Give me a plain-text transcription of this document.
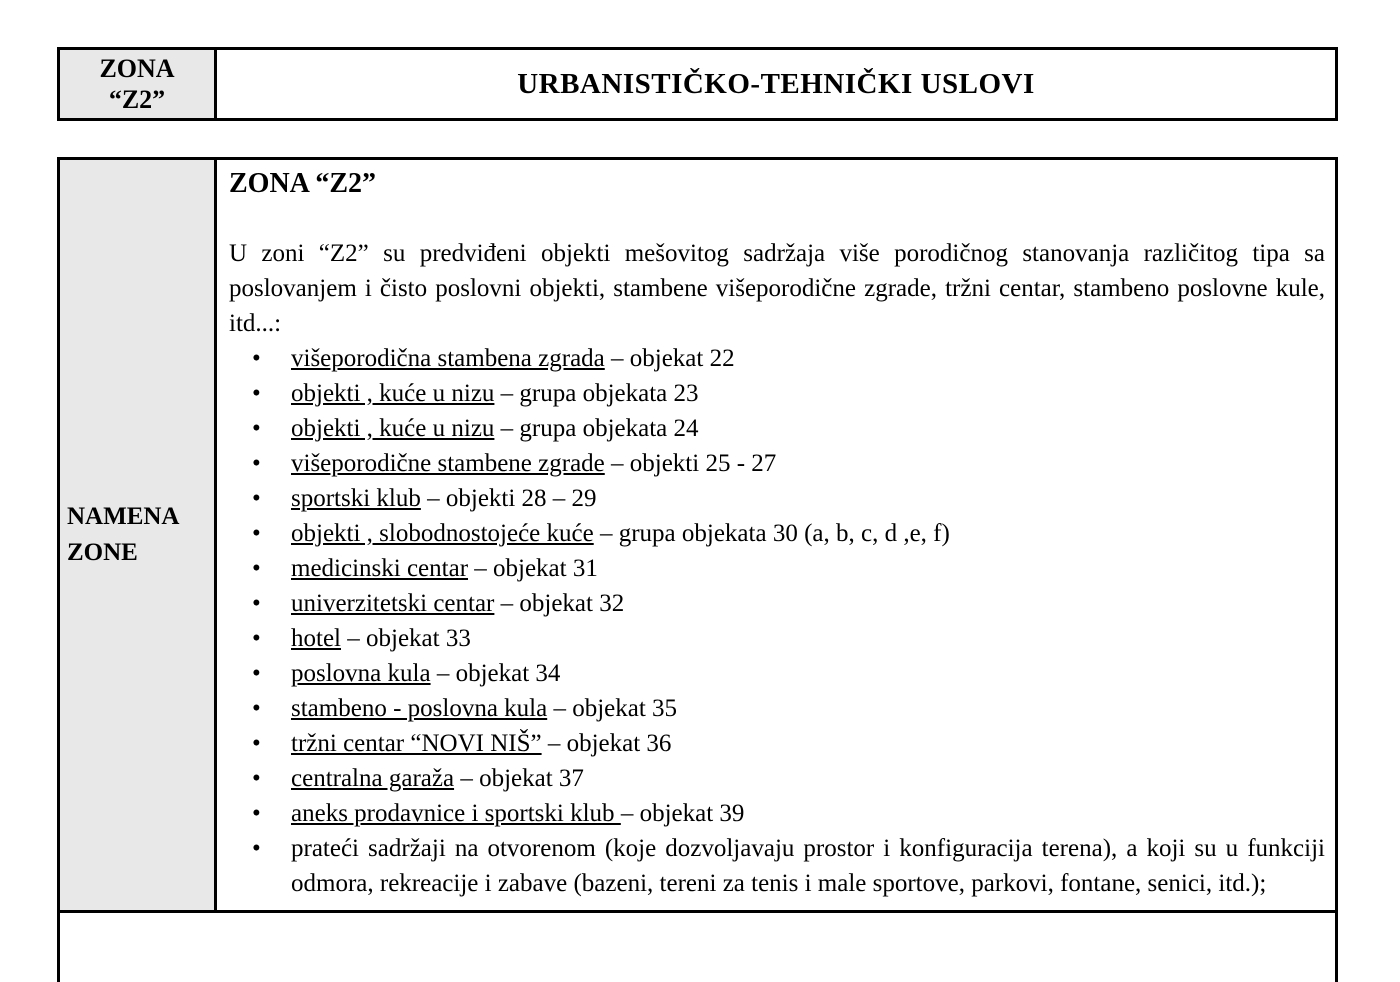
ZONA
“Z2”	URBANISTIČKO-TEHNIČKI USLOVI
NAMENA ZONE
ZONA “Z2”

U zoni “Z2” su predviđeni objekti mešovitog sadržaja više porodičnog stanovanja različitog tipa sa poslovanjem i čisto poslovni objekti, stambene višeporodične zgrade, tržni centar, stambeno poslovne kule, itd...:

• višeporodična stambena zgrada – objekat 22
• objekti , kuće u nizu – grupa objekata 23
• objekti , kuće u nizu – grupa objekata 24
• višeporodične stambene zgrade – objekti 25 - 27
• sportski klub – objekti 28 – 29
• objekti , slobodnostojeće kuće – grupa objekata 30 (a, b, c, d ,e, f)
• medicinski centar – objekat 31
• univerzitetski centar – objekat 32
• hotel – objekat 33
• poslovna kula – objekat 34
• stambeno - poslovna kula – objekat 35
• tržni centar “NOVI NIŠ” – objekat 36
• centralna garaža – objekat 37
• aneks prodavnice i sportski klub – objekat 39
• prateći sadržaji na otvorenom (koje dozvoljavaju prostor i konfiguracija terena), a koji su u funkciji odmora, rekreacije i zabave (bazeni, tereni za tenis i male sportove, parkovi, fontane, senici, itd.);
